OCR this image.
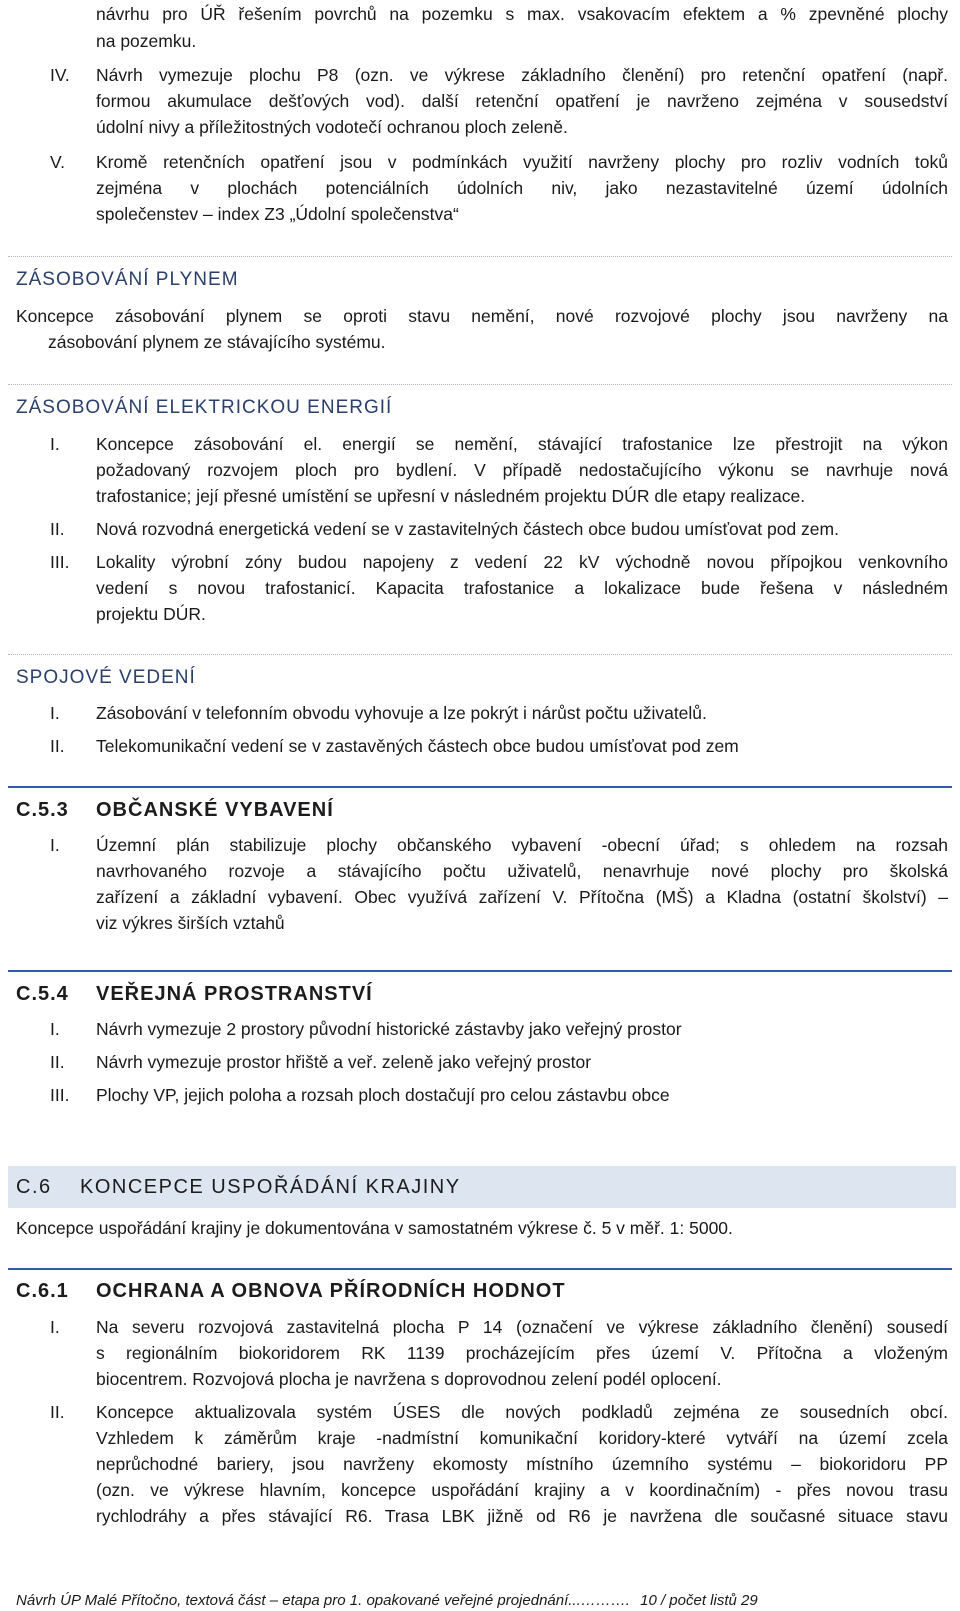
návrhu pro ÚŘ řešením povrchů na pozemku s max. vsakovacím efektem a % zpevněné plochy
na pozemku.
IV.	Návrh vymezuje plochu P8 (ozn. ve výkrese základního členění) pro retenční opatření (např.
formou akumulace dešťových vod). další retenční opatření je navrženo zejména v sousedství
údolní nivy a příležitostných vodotečí ochranou ploch zeleně.
V.	Kromě retenčních opatření jsou v podmínkách využití navrženy plochy pro rozliv vodních toků
zejména v plochách potenciálních údolních niv, jako nezastavitelné území údolních
společenstev – index Z3 „Údolní společenstva“
ZÁSOBOVÁNÍ PLYNEM
Koncepce zásobování plynem se oproti stavu nemění, nové rozvojové plochy jsou navrženy na
zásobování plynem ze stávajícího systému.
ZÁSOBOVÁNÍ ELEKTRICKOU ENERGIÍ
I.	Koncepce zásobování el. energií se nemění, stávající trafostanice lze přestrojit na výkon
požadovaný rozvojem ploch pro bydlení. V případě nedostačujícího výkonu se navrhuje nová
trafostanice; její přesné umístění se upřesní v následném projektu DÚR dle etapy realizace.
II.	Nová rozvodná energetická vedení se v zastavitelných částech obce budou umísťovat pod zem.
III.	Lokality výrobní zóny budou napojeny z vedení 22 kV východně novou přípojkou venkovního
vedení s novou trafostanicí. Kapacita trafostanice a lokalizace bude řešena v následném
projektu DÚR.
SPOJOVÉ VEDENÍ
I.	Zásobování v telefonním obvodu vyhovuje a lze pokrýt i nárůst počtu uživatelů.
II.	Telekomunikační vedení se v zastavěných částech obce budou umísťovat pod zem
C.5.3 OBČANSKÉ VYBAVENÍ
I.	Územní plán stabilizuje plochy občanského vybavení -obecní úřad; s ohledem na rozsah
navrhovaného rozvoje a stávajícího počtu uživatelů, nenavrhuje nové plochy pro školská
zařízení a základní vybavení. Obec využívá zařízení V. Přítočna (MŠ) a Kladna (ostatní školství) –
viz výkres širších vztahů
C.5.4 VEŘEJNÁ PROSTRANSTVÍ
I.	Návrh vymezuje 2 prostory původní historické zástavby jako veřejný prostor
II.	Návrh vymezuje prostor hřiště a veř. zeleně jako veřejný prostor
III.	Plochy VP, jejich poloha a rozsah ploch dostačují pro celou zástavbu obce
C.6 KONCEPCE USPOŘÁDÁNÍ KRAJINY
Koncepce uspořádání krajiny je dokumentována v samostatném výkrese č. 5 v měř. 1: 5000.
C.6.1 OCHRANA A OBNOVA PŘÍRODNÍCH HODNOT
I.	Na severu rozvojová zastavitelná plocha P 14 (označení ve výkrese základního členění) sousedí
s regionálním biokoridorem RK 1139 procházejícím přes území V. Přítočna a vloženým
biocentrem. Rozvojová plocha je navržena s doprovodnou zelení podél oplocení.
II.	Koncepce aktualizovala systém ÚSES dle nových podkladů zejména ze sousedních obcí.
Vzhledem k záměrům kraje -nadmístní komunikační koridory-které vytváří na území zcela
neprůchodné bariery, jsou navrženy ekomosty místního územního systému – biokoridoru PP
(ozn. ve výkrese hlavním, koncepce uspořádání krajiny a v koordinačním) - přes novou trasu
rychlodráhy a přes stávající R6. Trasa LBK jižně od R6 je navržena dle současné situace stavu
Návrh ÚP Malé Přítočno, textová část – etapa pro 1. opakované veřejné projednání...………. 10 / počet listů 29
